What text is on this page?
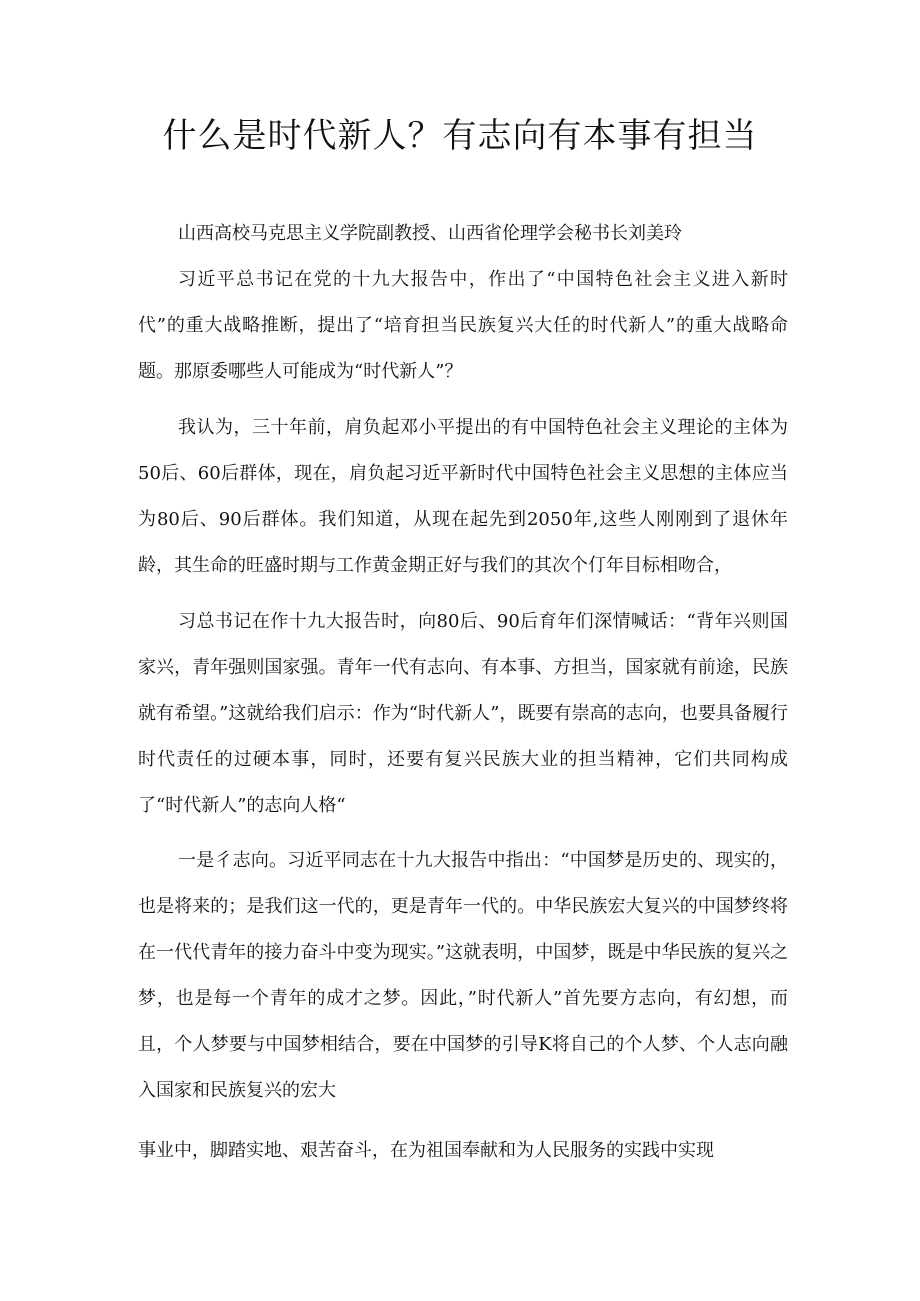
什么是时代新人？有志向有本事有担当

山西高校马克思主义学院副教授、山西省伦理学会秘书长刘美玲

习近平总书记在党的十九大报告中，作出了“中国特色社会主义进入新时代”的重大战略推断，提出了“培育担当民族复兴大任的时代新人”的重大战略命题。那原委哪些人可能成为“时代新人”？

我认为，三十年前，肩负起邓小平提出的有中国特色社会主义理论的主体为50后、60后群体，现在，肩负起习近平新时代中国特色社会主义思想的主体应当为80后、90后群体。我们知道，从现在起先到2050年,这些人刚刚到了退休年龄，其生命的旺盛时期与工作黄金期正好与我们的其次个仃年目标相吻合，

习总书记在作十九大报告时，向80后、90后育年们深情喊话：“背年兴则国家兴，青年强则国家强。青年一代有志向、有本事、方担当，国家就有前途，民族就有希望。”这就给我们启示：作为“时代新人”，既要有崇高的志向，也要具备履行时代责任的过硬本事，同时，还要有复兴民族大业的担当精神，它们共同构成了“时代新人”的志向人格“

一是彳志向。习近平同志在十九大报告中指出：“中国梦是历史的、现实的，也是将来的；是我们这一代的，更是青年一代的。中华民族宏大复兴的中国梦终将在一代代青年的接力奋斗中变为现实。”这就表明，中国梦，既是中华民族的复兴之梦，也是每一个青年的成才之梦。因此，”时代新人”首先要方志向，有幻想，而且，个人梦要与中国梦相结合，要在中国梦的引导K将自己的个人梦、个人志向融入国家和民族复兴的宏大

事业中，脚踏实地、艰苦奋斗，在为祖国奉献和为人民服务的实践中实现
